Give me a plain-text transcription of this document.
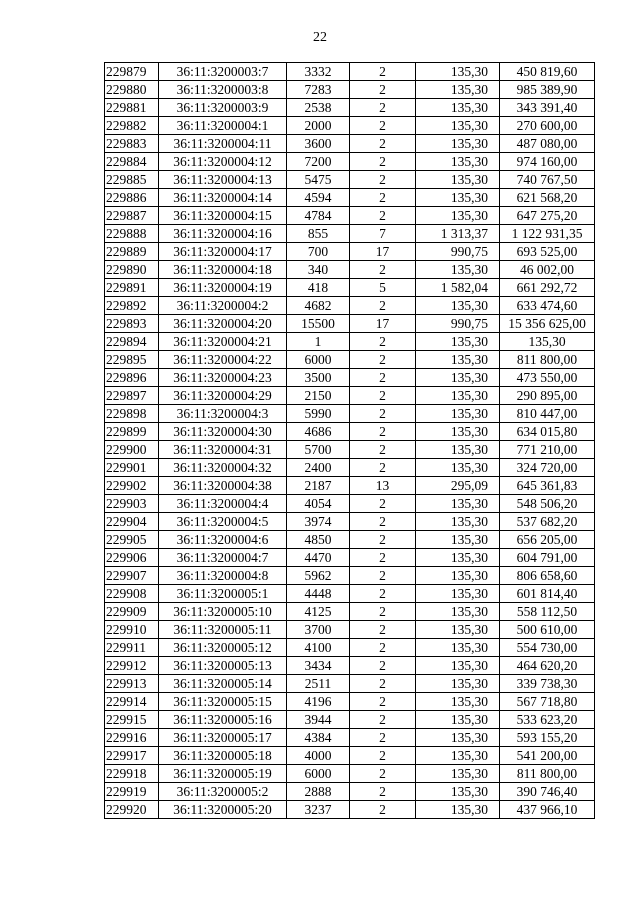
22
229879	36:11:3200003:7	3332	2	135,30	450 819,60
229880	36:11:3200003:8	7283	2	135,30	985 389,90
229881	36:11:3200003:9	2538	2	135,30	343 391,40
229882	36:11:3200004:1	2000	2	135,30	270 600,00
229883	36:11:3200004:11	3600	2	135,30	487 080,00
229884	36:11:3200004:12	7200	2	135,30	974 160,00
229885	36:11:3200004:13	5475	2	135,30	740 767,50
229886	36:11:3200004:14	4594	2	135,30	621 568,20
229887	36:11:3200004:15	4784	2	135,30	647 275,20
229888	36:11:3200004:16	855	7	1 313,37	1 122 931,35
229889	36:11:3200004:17	700	17	990,75	693 525,00
229890	36:11:3200004:18	340	2	135,30	46 002,00
229891	36:11:3200004:19	418	5	1 582,04	661 292,72
229892	36:11:3200004:2	4682	2	135,30	633 474,60
229893	36:11:3200004:20	15500	17	990,75	15 356 625,00
229894	36:11:3200004:21	1	2	135,30	135,30
229895	36:11:3200004:22	6000	2	135,30	811 800,00
229896	36:11:3200004:23	3500	2	135,30	473 550,00
229897	36:11:3200004:29	2150	2	135,30	290 895,00
229898	36:11:3200004:3	5990	2	135,30	810 447,00
229899	36:11:3200004:30	4686	2	135,30	634 015,80
229900	36:11:3200004:31	5700	2	135,30	771 210,00
229901	36:11:3200004:32	2400	2	135,30	324 720,00
229902	36:11:3200004:38	2187	13	295,09	645 361,83
229903	36:11:3200004:4	4054	2	135,30	548 506,20
229904	36:11:3200004:5	3974	2	135,30	537 682,20
229905	36:11:3200004:6	4850	2	135,30	656 205,00
229906	36:11:3200004:7	4470	2	135,30	604 791,00
229907	36:11:3200004:8	5962	2	135,30	806 658,60
229908	36:11:3200005:1	4448	2	135,30	601 814,40
229909	36:11:3200005:10	4125	2	135,30	558 112,50
229910	36:11:3200005:11	3700	2	135,30	500 610,00
229911	36:11:3200005:12	4100	2	135,30	554 730,00
229912	36:11:3200005:13	3434	2	135,30	464 620,20
229913	36:11:3200005:14	2511	2	135,30	339 738,30
229914	36:11:3200005:15	4196	2	135,30	567 718,80
229915	36:11:3200005:16	3944	2	135,30	533 623,20
229916	36:11:3200005:17	4384	2	135,30	593 155,20
229917	36:11:3200005:18	4000	2	135,30	541 200,00
229918	36:11:3200005:19	6000	2	135,30	811 800,00
229919	36:11:3200005:2	2888	2	135,30	390 746,40
229920	36:11:3200005:20	3237	2	135,30	437 966,10
